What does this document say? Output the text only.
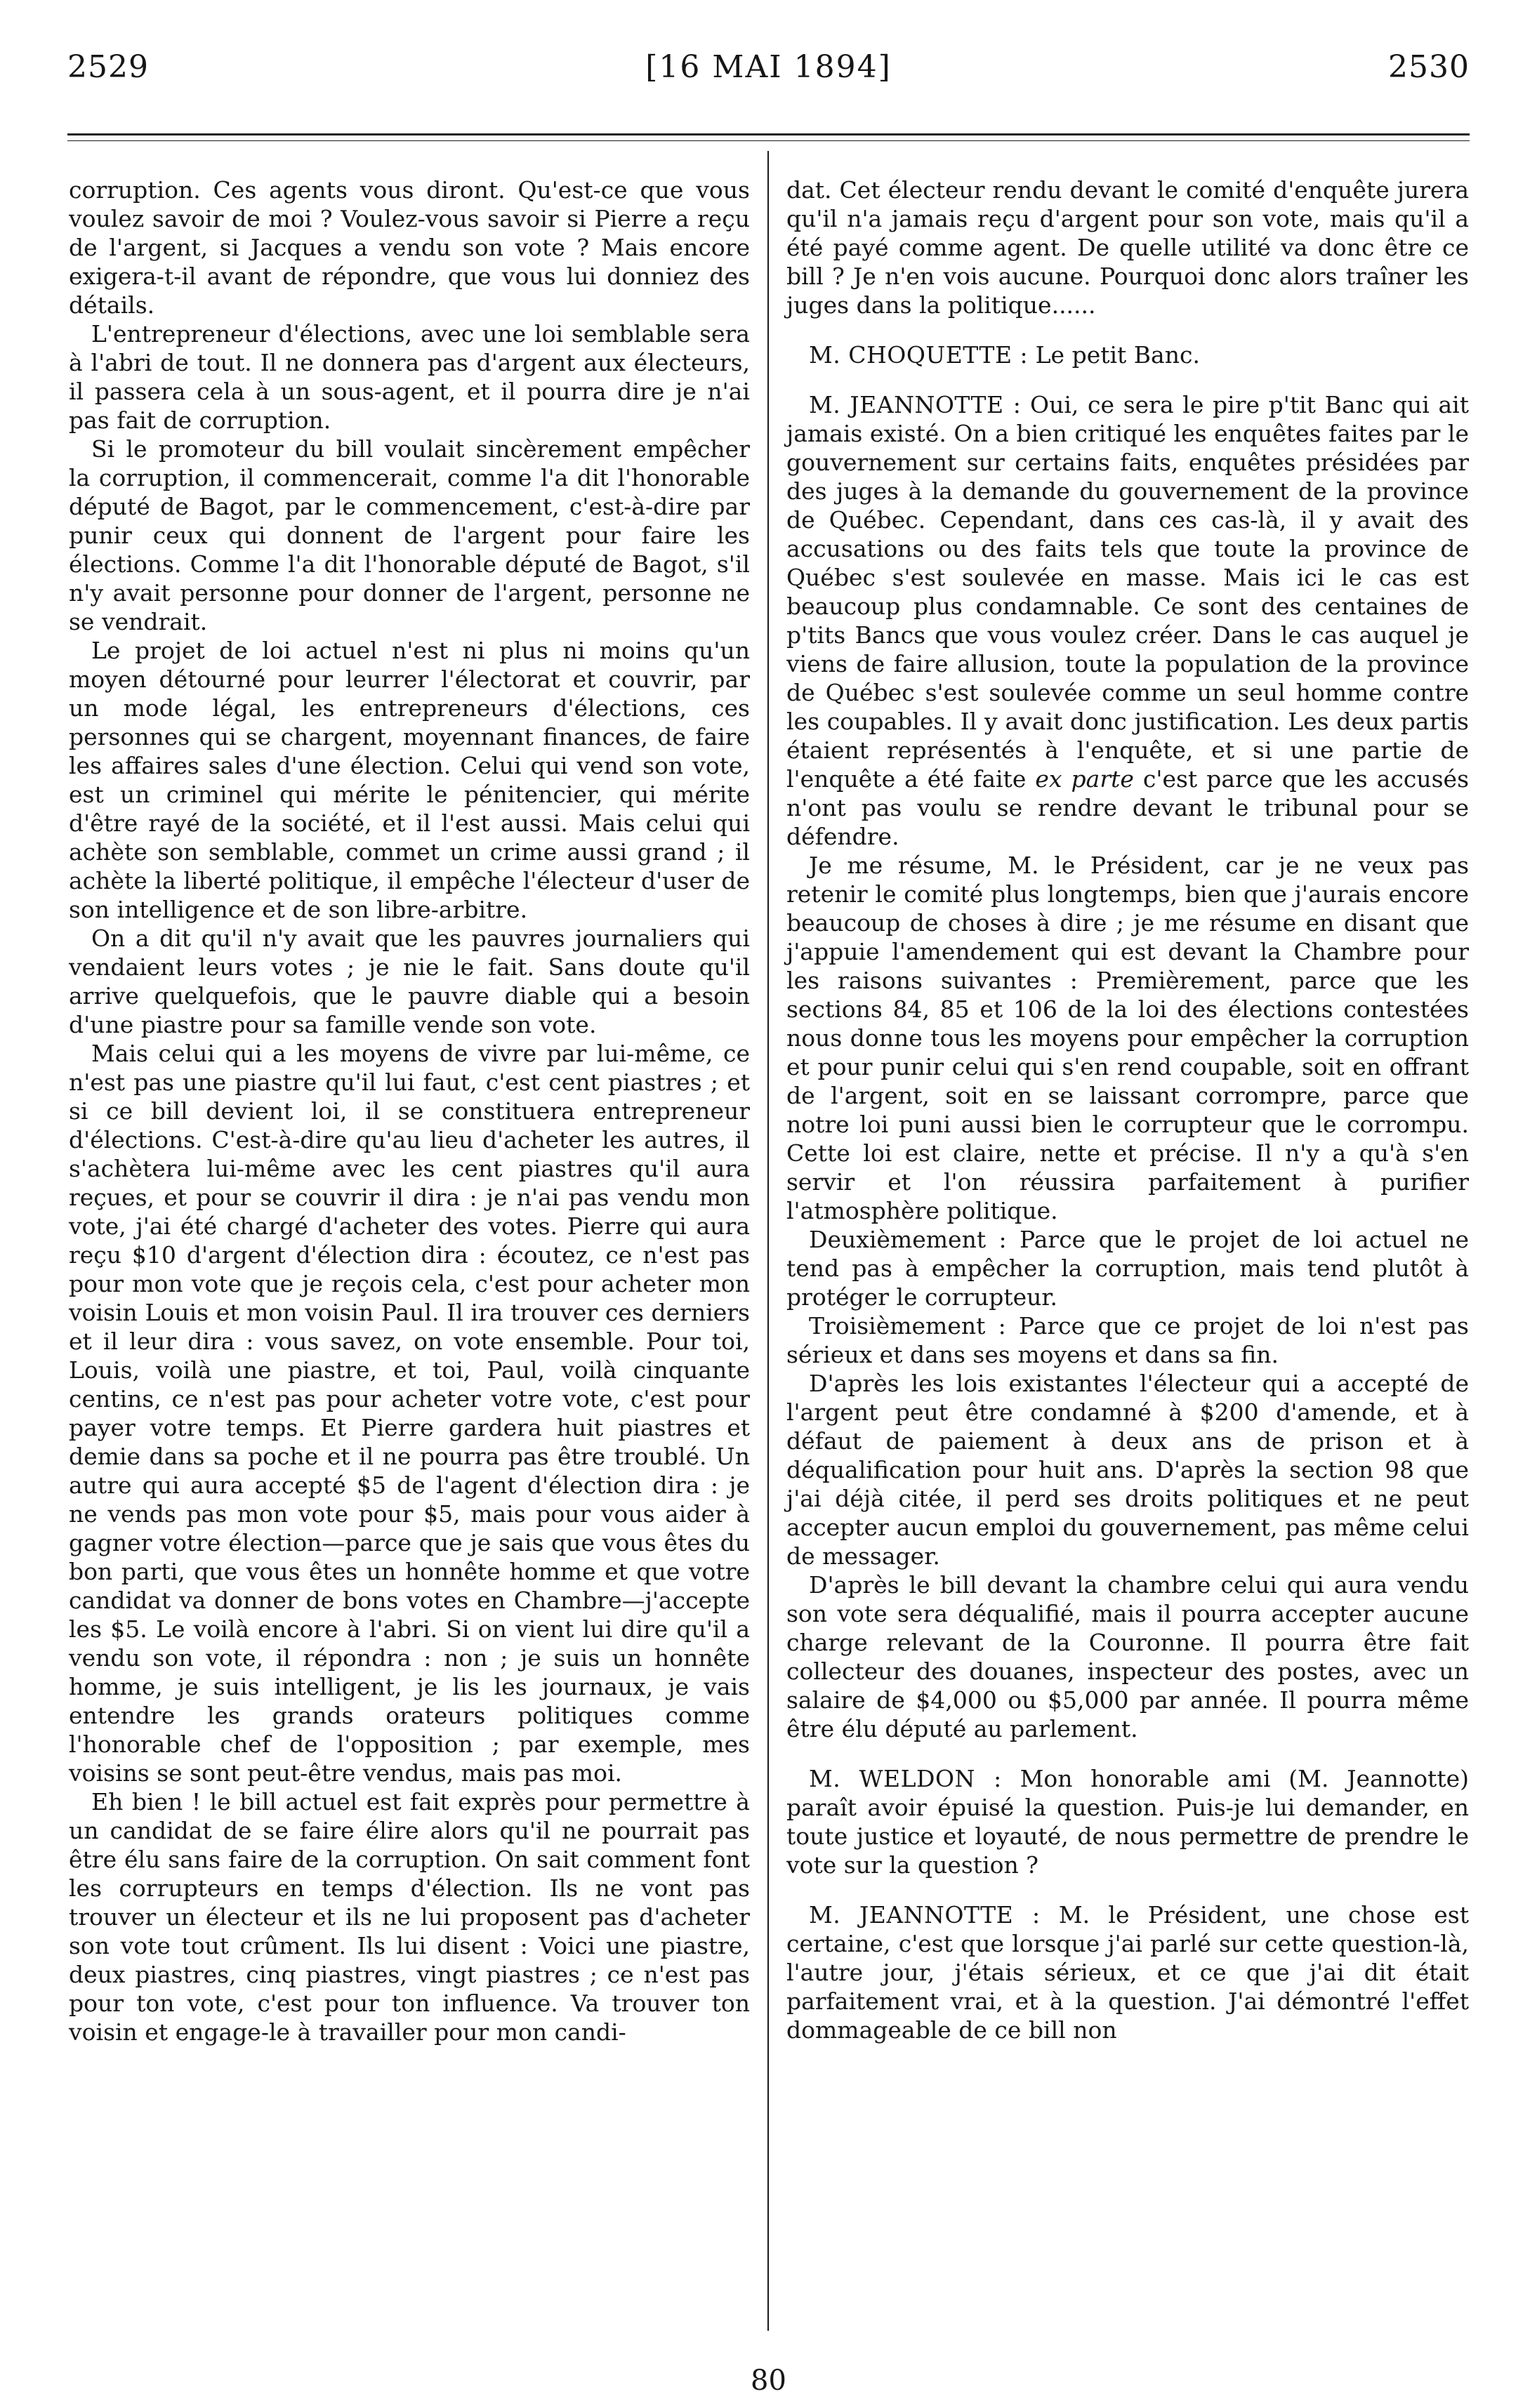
2529	[16 MAI 1894]	2530

corruption. Ces agents vous diront. Qu'est-ce que vous voulez savoir de moi ? Voulez-vous savoir si Pierre a reçu de l'argent, si Jacques a vendu son vote ? Mais encore exigera-t-il avant de répondre, que vous lui donniez des détails.

L'entrepreneur d'élections, avec une loi semblable sera à l'abri de tout. Il ne donnera pas d'argent aux électeurs, il passera cela à un sous-agent, et il pourra dire je n'ai pas fait de corruption.

Si le promoteur du bill voulait sincèrement empêcher la corruption, il commencerait, comme l'a dit l'honorable député de Bagot, par le commencement, c'est-à-dire par punir ceux qui donnent de l'argent pour faire les élections. Comme l'a dit l'honorable député de Bagot, s'il n'y avait personne pour donner de l'argent, personne ne se vendrait.

Le projet de loi actuel n'est ni plus ni moins qu'un moyen détourné pour leurrer l'électorat et couvrir, par un mode légal, les entrepreneurs d'élections, ces personnes qui se chargent, moyennant finances, de faire les affaires sales d'une élection. Celui qui vend son vote, est un criminel qui mérite le pénitencier, qui mérite d'être rayé de la société, et il l'est aussi. Mais celui qui achète son semblable, commet un crime aussi grand ; il achète la liberté politique, il empêche l'électeur d'user de son intelligence et de son libre-arbitre.

On a dit qu'il n'y avait que les pauvres journaliers qui vendaient leurs votes ; je nie le fait. Sans doute qu'il arrive quelquefois, que le pauvre diable qui a besoin d'une piastre pour sa famille vende son vote.

Mais celui qui a les moyens de vivre par lui-même, ce n'est pas une piastre qu'il lui faut, c'est cent piastres ; et si ce bill devient loi, il se constituera entrepreneur d'élections. C'est-à-dire qu'au lieu d'acheter les autres, il s'achètera lui-même avec les cent piastres qu'il aura reçues, et pour se couvrir il dira : je n'ai pas vendu mon vote, j'ai été chargé d'acheter des votes. Pierre qui aura reçu $10 d'argent d'élection dira : écoutez, ce n'est pas pour mon vote que je reçois cela, c'est pour acheter mon voisin Louis et mon voisin Paul. Il ira trouver ces derniers et il leur dira : vous savez, on vote ensemble. Pour toi, Louis, voilà une piastre, et toi, Paul, voilà cinquante centins, ce n'est pas pour acheter votre vote, c'est pour payer votre temps. Et Pierre gardera huit piastres et demie dans sa poche et il ne pourra pas être troublé. Un autre qui aura accepté $5 de l'agent d'élection dira : je ne vends pas mon vote pour $5, mais pour vous aider à gagner votre élection—parce que je sais que vous êtes du bon parti, que vous êtes un honnête homme et que votre candidat va donner de bons votes en Chambre—j'accepte les $5. Le voilà encore à l'abri. Si on vient lui dire qu'il a vendu son vote, il répondra : non ; je suis un honnête homme, je suis intelligent, je lis les journaux, je vais entendre les grands orateurs politiques comme l'honorable chef de l'opposition ; par exemple, mes voisins se sont peut-être vendus, mais pas moi.

Eh bien ! le bill actuel est fait exprès pour permettre à un candidat de se faire élire alors qu'il ne pourrait pas être élu sans faire de la corruption. On sait comment font les corrupteurs en temps d'élection. Ils ne vont pas trouver un électeur et ils ne lui proposent pas d'acheter son vote tout crûment. Ils lui disent : Voici une piastre, deux piastres, cinq piastres, vingt piastres ; ce n'est pas pour ton vote, c'est pour ton influence. Va trouver ton voisin et engage-le à travailler pour mon candi-

dat. Cet électeur rendu devant le comité d'enquête jurera qu'il n'a jamais reçu d'argent pour son vote, mais qu'il a été payé comme agent. De quelle utilité va donc être ce bill ? Je n'en vois aucune. Pourquoi donc alors traîner les juges dans la politique......

M. CHOQUETTE : Le petit Banc.

M. JEANNOTTE : Oui, ce sera le pire p'tit Banc qui ait jamais existé. On a bien critiqué les enquêtes faites par le gouvernement sur certains faits, enquêtes présidées par des juges à la demande du gouvernement de la province de Québec. Cependant, dans ces cas-là, il y avait des accusations ou des faits tels que toute la province de Québec s'est soulevée en masse. Mais ici le cas est beaucoup plus condamnable. Ce sont des centaines de p'tits Bancs que vous voulez créer. Dans le cas auquel je viens de faire allusion, toute la population de la province de Québec s'est soulevée comme un seul homme contre les coupables. Il y avait donc justification. Les deux partis étaient représentés à l'enquête, et si une partie de l'enquête a été faite ex parte c'est parce que les accusés n'ont pas voulu se rendre devant le tribunal pour se défendre.

Je me résume, M. le Président, car je ne veux pas retenir le comité plus longtemps, bien que j'aurais encore beaucoup de choses à dire ; je me résume en disant que j'appuie l'amendement qui est devant la Chambre pour les raisons suivantes : Premièrement, parce que les sections 84, 85 et 106 de la loi des élections contestées nous donne tous les moyens pour empêcher la corruption et pour punir celui qui s'en rend coupable, soit en offrant de l'argent, soit en se laissant corrompre, parce que notre loi puni aussi bien le corrupteur que le corrompu. Cette loi est claire, nette et précise. Il n'y a qu'à s'en servir et l'on réussira parfaitement à purifier l'atmosphère politique.

Deuxièmement : Parce que le projet de loi actuel ne tend pas à empêcher la corruption, mais tend plutôt à protéger le corrupteur.

Troisièmement : Parce que ce projet de loi n'est pas sérieux et dans ses moyens et dans sa fin.

D'après les lois existantes l'électeur qui a accepté de l'argent peut être condamné à $200 d'amende, et à défaut de paiement à deux ans de prison et à déqualification pour huit ans. D'après la section 98 que j'ai déjà citée, il perd ses droits politiques et ne peut accepter aucun emploi du gouvernement, pas même celui de messager.

D'après le bill devant la chambre celui qui aura vendu son vote sera déqualifié, mais il pourra accepter aucune charge relevant de la Couronne. Il pourra être fait collecteur des douanes, inspecteur des postes, avec un salaire de $4,000 ou $5,000 par année. Il pourra même être élu député au parlement.

M. WELDON : Mon honorable ami (M. Jeannotte) paraît avoir épuisé la question. Puis-je lui demander, en toute justice et loyauté, de nous permettre de prendre le vote sur la question ?

M. JEANNOTTE : M. le Président, une chose est certaine, c'est que lorsque j'ai parlé sur cette question-là, l'autre jour, j'étais sérieux, et ce que j'ai dit était parfaitement vrai, et à la question. J'ai démontré l'effet dommageable de ce bill non

80
